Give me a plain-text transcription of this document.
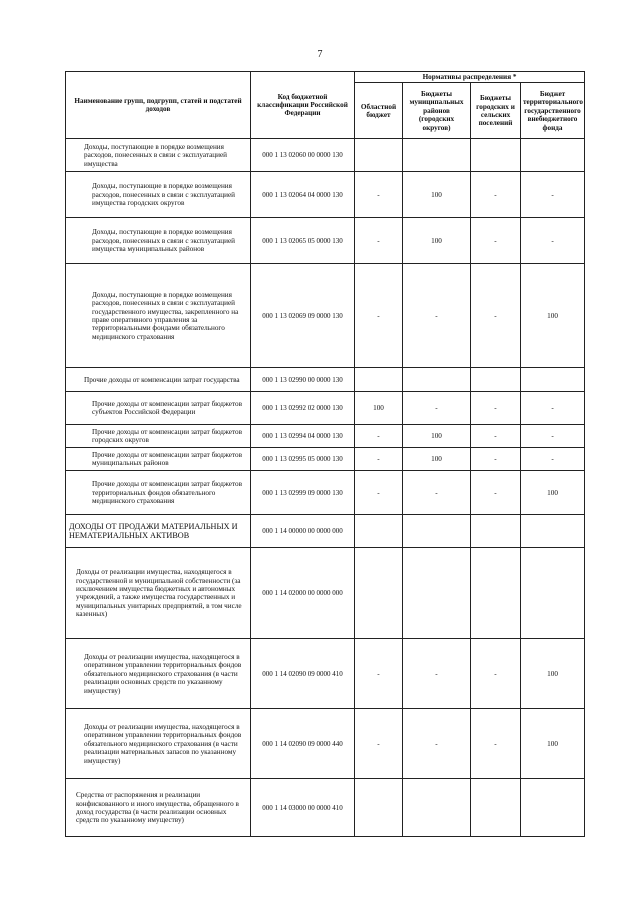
7
Наименование групп, подгрупп, статей и подстатей доходов	Код бюджетной классификации Российской Федерации	Нормативы распределения *			
		Областной бюджет	Бюджеты муниципальных районов (городских округов)	Бюджеты городских и сельских поселений	Бюджет территориального государственного внебюджетного фонда
Доходы, поступающие в порядке возмещения расходов, понесенных в связи с эксплуатацией имущества	000 1 13 02060 00 0000 130				
Доходы, поступающие в порядке возмещения расходов, понесенных в связи с эксплуатацией имущества городских округов	000 1 13 02064 04 0000 130	-	100	-	-
Доходы, поступающие в порядке возмещения расходов, понесенных в связи с эксплуатацией имущества муниципальных районов	000 1 13 02065 05 0000 130	-	100	-	-
Доходы, поступающие в порядке возмещения расходов, понесенных в связи с эксплуатацией государственного имущества, закрепленного на праве оперативного управления за территориальными фондами обязательного медицинского страхования	000 1 13 02069 09 0000 130	-	-	-	100
Прочие доходы от компенсации затрат государства	000 1 13 02990 00 0000 130				
Прочие доходы от компенсации затрат бюджетов субъектов Российской Федерации	000 1 13 02992 02 0000 130	100	-	-	-
Прочие доходы от компенсации затрат бюджетов городских округов	000 1 13 02994 04 0000 130	-	100	-	-
Прочие доходы от компенсации затрат бюджетов муниципальных районов	000 1 13 02995 05 0000 130	-	100	-	-
Прочие доходы от компенсации затрат бюджетов территориальных фондов обязательного медицинского страхования	000 1 13 02999 09 0000 130	-	-	-	100
ДОХОДЫ ОТ ПРОДАЖИ МАТЕРИАЛЬНЫХ И НЕМАТЕРИАЛЬНЫХ АКТИВОВ	000 1 14 00000 00 0000 000				
Доходы от реализации имущества, находящегося в государственной и муниципальной собственности (за исключением имущества бюджетных и автономных учреждений, а также имущества государственных и муниципальных унитарных предприятий, в том числе казенных)	000 1 14 02000 00 0000 000				
Доходы от реализации имущества, находящегося в оперативном управлении территориальных фондов обязательного медицинского страхования (в части реализации основных средств по указанному имуществу)	000 1 14 02090 09 0000 410	-	-	-	100
Доходы от реализации имущества, находящегося в оперативном управлении территориальных фондов обязательного медицинского страхования (в части реализации материальных запасов по указанному имуществу)	000 1 14 02090 09 0000 440	-	-	-	100
Средства от распоряжения и реализации конфискованного и иного имущества, обращенного в доход государства (в части реализации основных средств по указанному имуществу)	000 1 14 03000 00 0000 410				
